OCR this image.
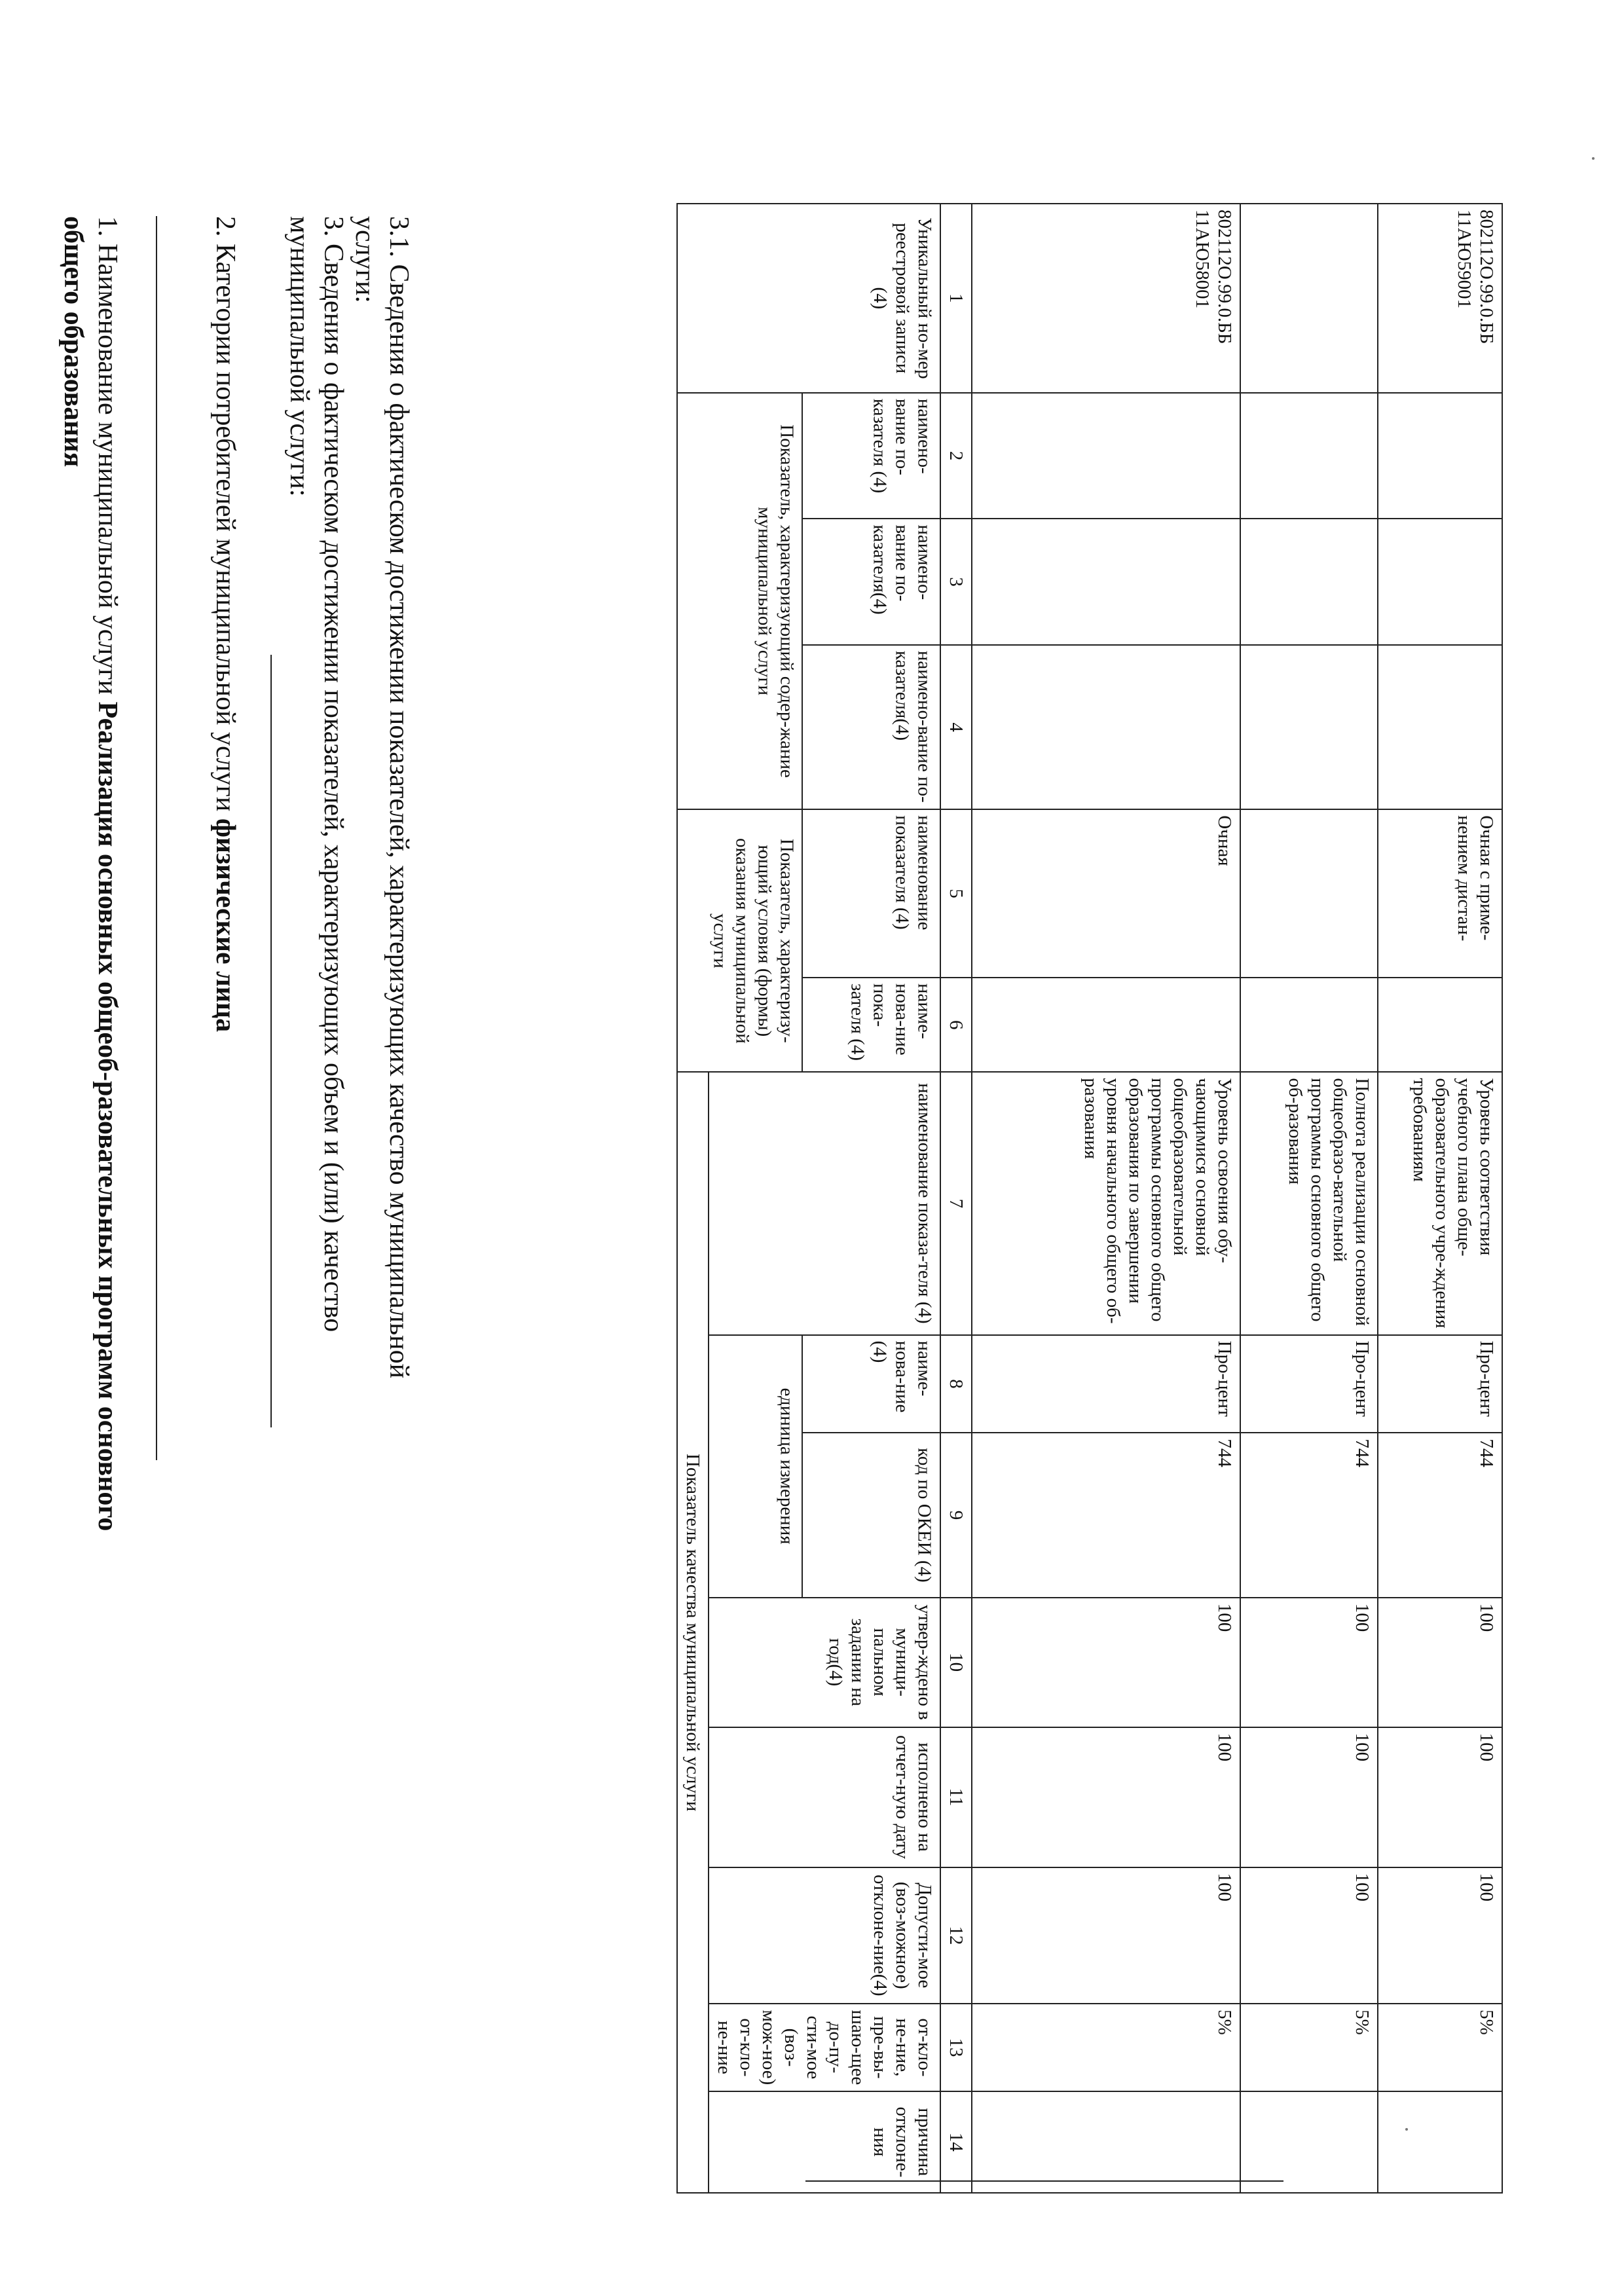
1. Наименование муниципальной услуги Реализация основных общеоб-разовательных программ основного общего образования	2. Категории потребителей муниципальной услуги физические лица	3. Сведения о фактическом достижении показателей, характеризующих объем и (или) качество муниципальной услуги:	3.1. Сведения о фактическом достижении показателей, характеризующих качество муниципальной услуги:	Уникальный но-мер реестровой записи (4)	Показатель, характеризующий содер-жание муниципальной услуги			Показатель, характеризу-ющий условия (формы) оказания муниципальной услуги		Показатель качества муниципальной услуги							
						наименование показа-теля (4)	единица измерения		утвер-ждено в муници-пальном задании на год(4)	исполнено на отчет-ную дату	Допусти-мое (воз-можное) отклоне-ние(4)	от-кло-не-ние, пре-вы-шаю-щее до-пу-сти-мое (воз-мож-ное) от-кло-не-ние	причина отклоне-ния
	наимено-вание по-казателя (4)	наимено-вание по-казателя(4)	наимено-вание по-казателя(4)	наименование показателя (4)	наиме-нова-ние пока-зателя (4)		наиме-нова-ние (4)	код по ОКЕИ (4)					
1	2	3	4	5	6	7	8	9	10	11	12	13	14
802112О.99.0.ББ 11АЮ58001				Очная		Уровень освоения обу-чающимися основной общеобразовательной программы основного общего образования по завершении уровня начального общего об-разования	Про-цент	744	100	100	100	5%	
						Полнота реализации основной общеобразо-вательной программы основного общего об-разования	Про-цент	744	100	100	100	5%	
802112О.99.0.ББ 11АЮ59001				Очная с приме-нением дистан-		Уровень соответствия учебного плана обще-образовательного учре-ждения требованиям	Про-цент	744	100	100	100	5%	
